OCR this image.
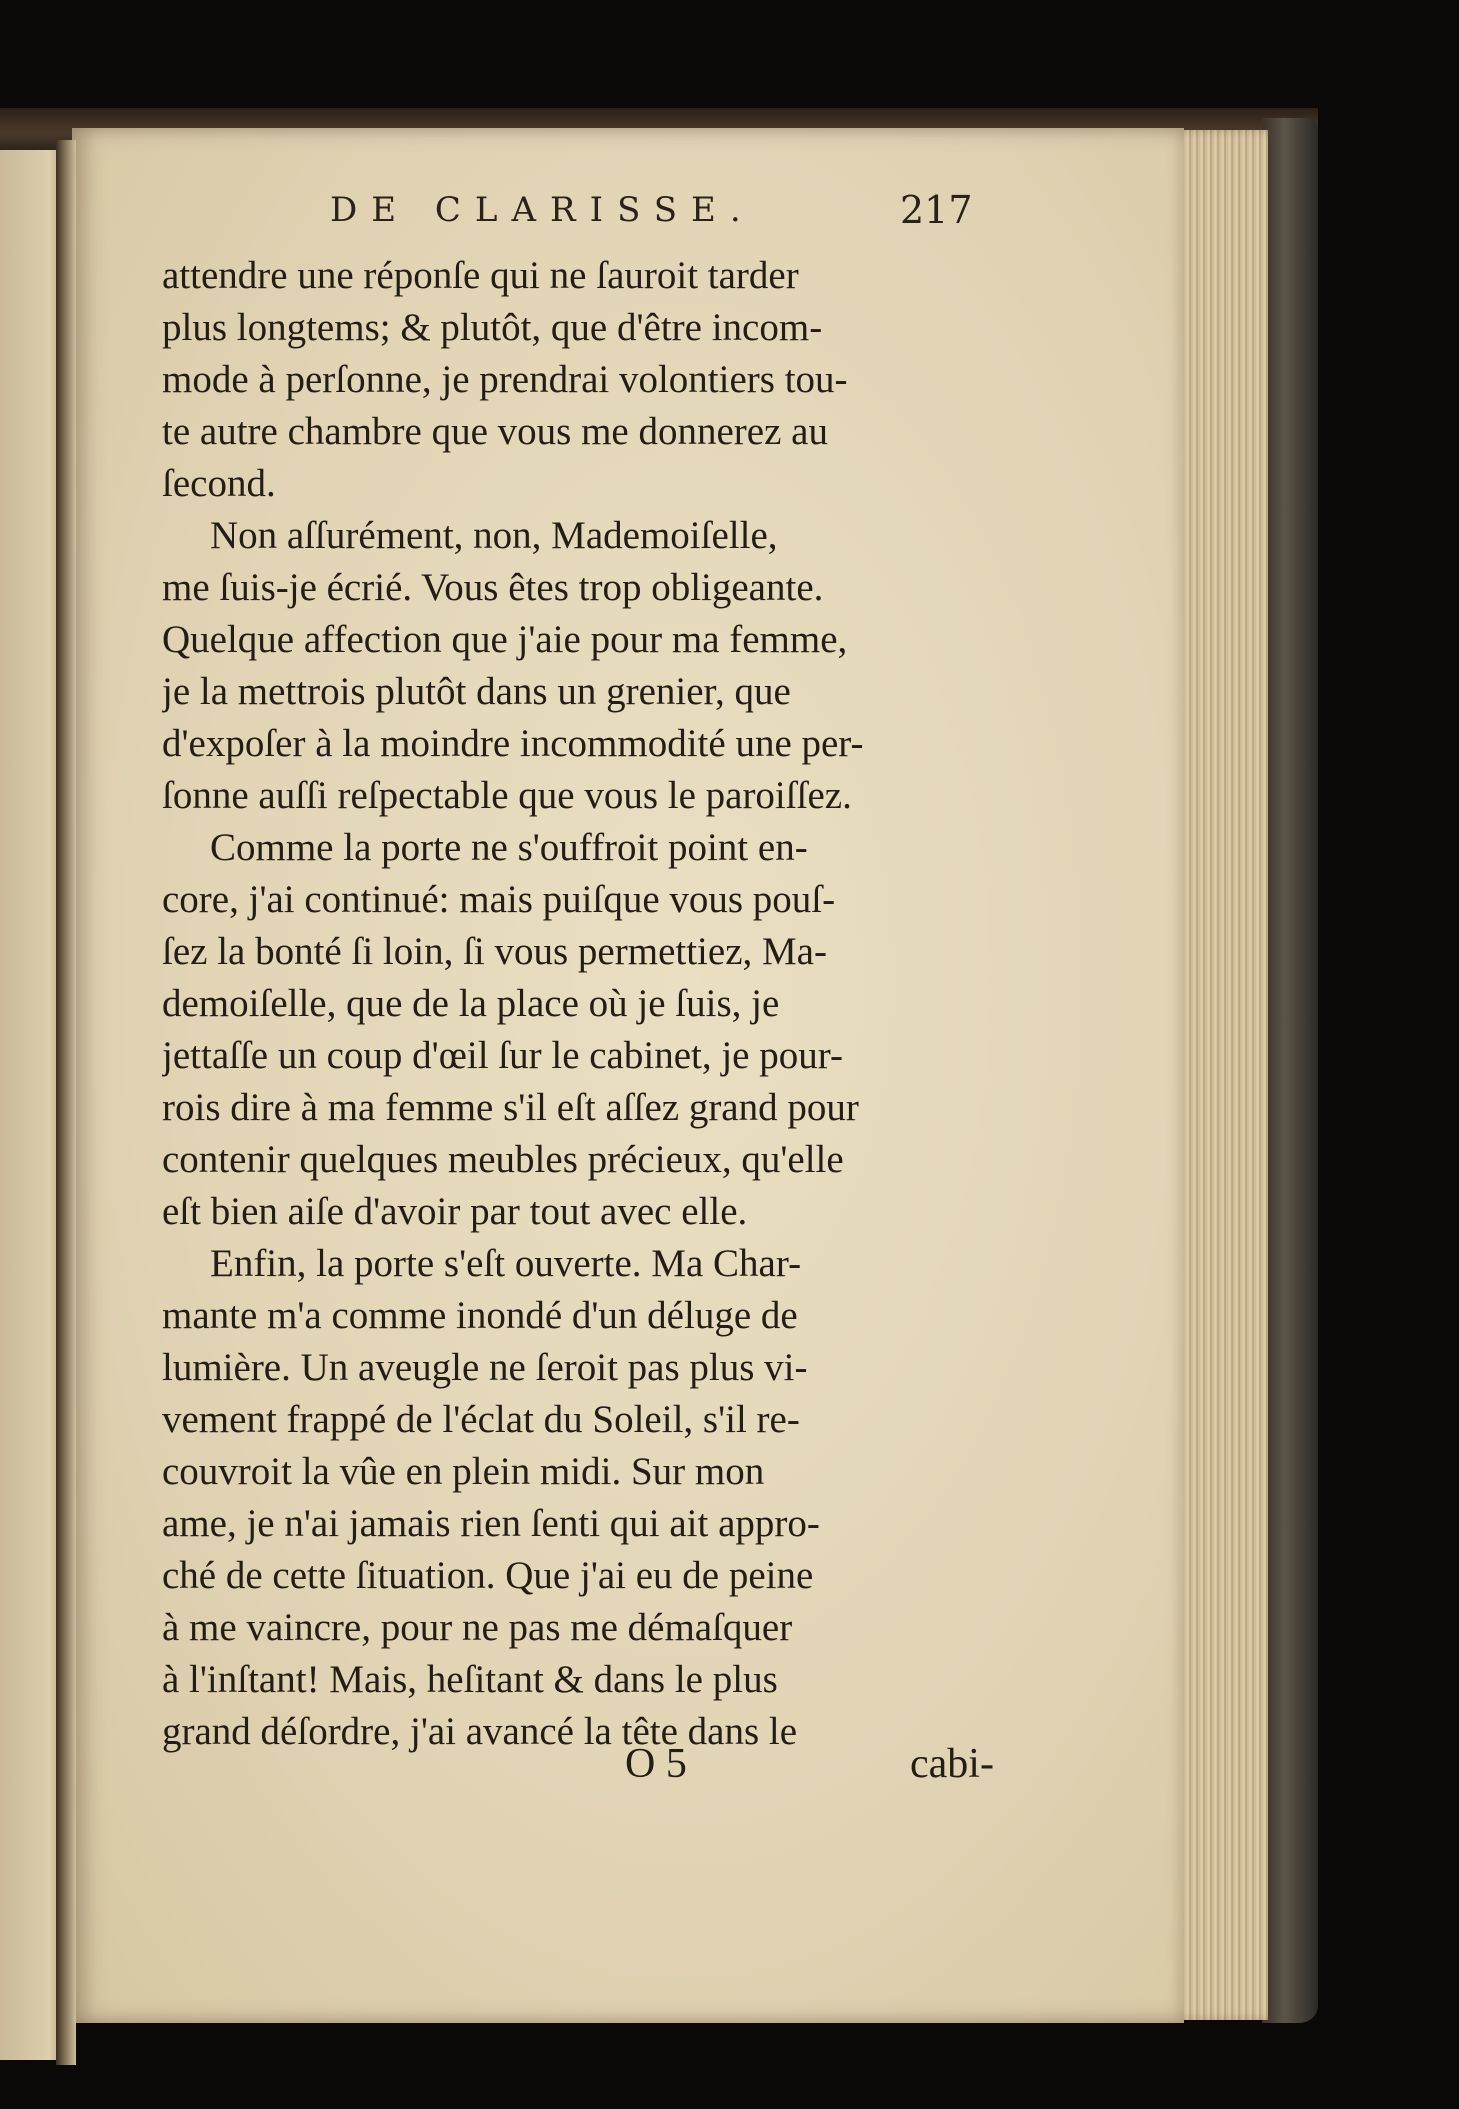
DE CLARISSE.	217

attendre une réponſe qui ne ſauroit tarder
plus longtems; & plutôt, que d'être incom-
mode à perſonne, je prendrai volontiers tou-
te autre chambre que vous me donnerez au
ſecond.
Non aſſurément, non, Mademoiſelle,
me ſuis-je écrié. Vous êtes trop obligeante.
Quelque affection que j'aie pour ma femme,
je la mettrois plutôt dans un grenier, que
d'expoſer à la moindre incommodité une per-
ſonne auſſi reſpectable que vous le paroiſſez.
Comme la porte ne s'ouffroit point en-
core, j'ai continué: mais puiſque vous pouſ-
ſez la bonté ſi loin, ſi vous permettiez, Ma-
demoiſelle, que de la place où je ſuis, je
jettaſſe un coup d'œil ſur le cabinet, je pour-
rois dire à ma femme s'il eſt aſſez grand pour
contenir quelques meubles précieux, qu'elle
eſt bien aiſe d'avoir par tout avec elle.
Enfin, la porte s'eſt ouverte. Ma Char-
mante m'a comme inondé d'un déluge de
lumière. Un aveugle ne ſeroit pas plus vi-
vement frappé de l'éclat du Soleil, s'il re-
couvroit la vûe en plein midi. Sur mon
ame, je n'ai jamais rien ſenti qui ait appro-
ché de cette ſituation. Que j'ai eu de peine
à me vaincre, pour ne pas me démaſquer
à l'inſtant! Mais, heſitant & dans le plus
grand déſordre, j'ai avancé la tête dans le

O 5	cabi-
